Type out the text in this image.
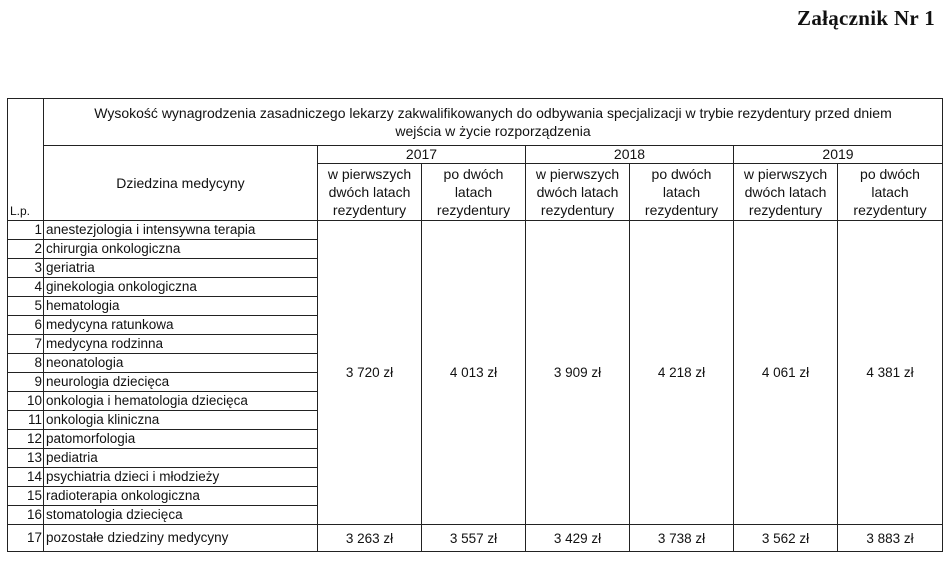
Załącznik Nr 1
L.p.	Wysokość wynagrodzenia zasadniczego lekarzy zakwalifikowanych do odbywania specjalizacji w trybie rezydentury przed dniem wejścia w życie rozporządzenia						
	Dziedzina medycyny	2017		2018		2019	
		w pierwszych dwóch latach rezydentury	po dwóch latach rezydentury	w pierwszych dwóch latach rezydentury	po dwóch latach rezydentury	w pierwszych dwóch latach rezydentury	po dwóch latach rezydentury
1	anestezjologia i intensywna terapia	3 720 zł	4 013 zł	3 909 zł	4 218 zł	4 061 zł	4 381 zł
2	chirurgia onkologiczna						
3	geriatria						
4	ginekologia onkologiczna						
5	hematologia						
6	medycyna ratunkowa						
7	medycyna rodzinna						
8	neonatologia						
9	neurologia dziecięca						
10	onkologia i hematologia dziecięca						
11	onkologia kliniczna						
12	patomorfologia						
13	pediatria						
14	psychiatria dzieci i młodzieży						
15	radioterapia onkologiczna						
16	stomatologia dziecięca						
17	pozostałe dziedziny medycyny	3 263 zł	3 557 zł	3 429 zł	3 738 zł	3 562 zł	3 883 zł
